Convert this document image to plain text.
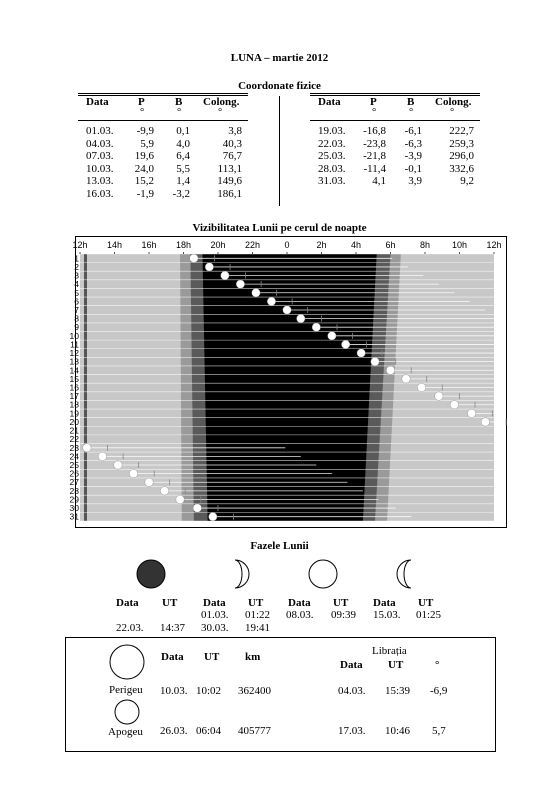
LUNA – martie 2012
Coordonate fizice
Data	P	B Colong.
°	°	°
01.03.	-9,9	0,1	3,8
04.03.	5,9	4,0	40,3
07.03.	19,6	6,4	76,7
10.03.	24,0	5,5	113,1
13.03.	15,2	1,4	149,6
16.03.	-1,9	-3,2	186,1
Data	P	B Colong.
°	°	°
19.03.	-16,8	-6,1	222,7
22.03.	-23,8	-6,3	259,3
25.03.	-21,8	-3,9	296,0
28.03.	-11,4	-0,1	332,6
31.03.	4,1	3,9	9,2
Vizibilitatea Lunii pe cerul de noapte
12h 14h 16h 18h 20h 22h	0	2h	4h	6h	8h 10h 12h
1
2
3
4
5
6
7
8
9
10
11
12
13
14
15
16
17
18
19
20
21
22
23
24
25
26
27
28
29
30
31
Fazele Lunii
Data UT Data UT Data UT Data UT
22.03. 14:37
01.03. 01:22
30.03. 19:41
08.03. 09:39 15.03. 01:25
Data UT km
Perigeu 10.03. 10:02 362400
Apogeu 26.03. 06:04 405777
Librația
Data UT	°
04.03. 15:39 -6,9
17.03. 10:46 5,7
